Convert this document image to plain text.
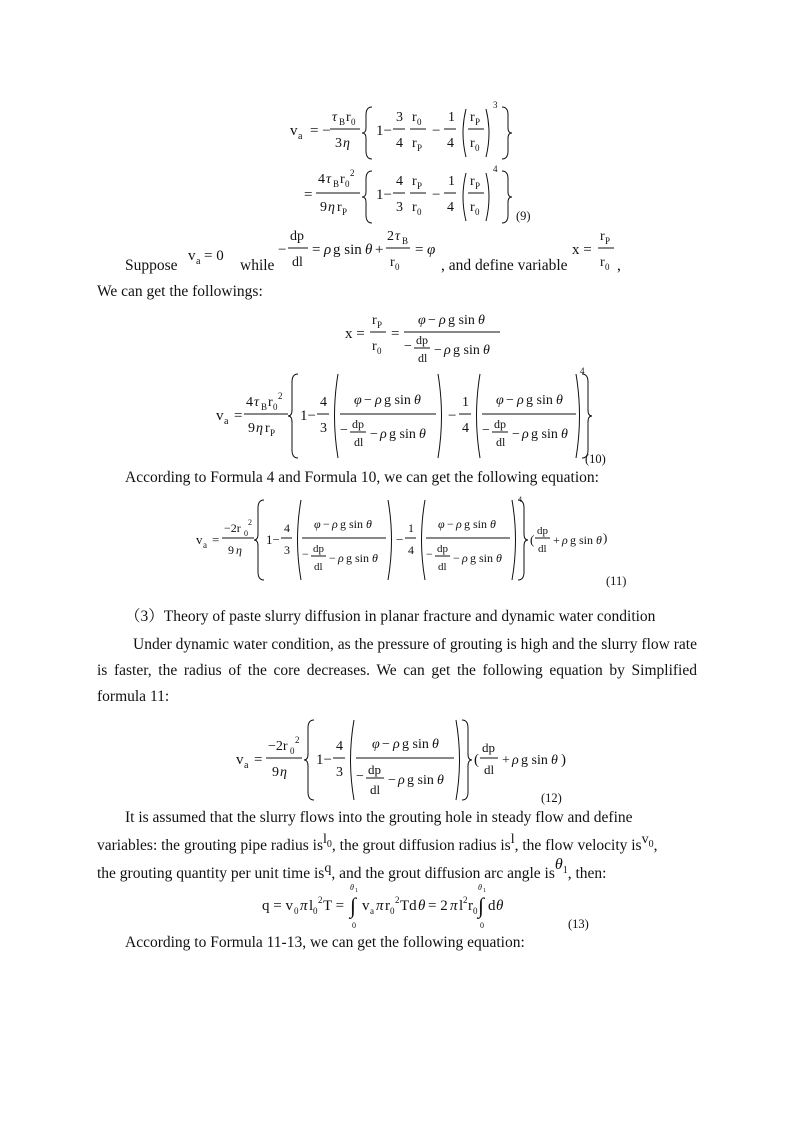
v a = −
τ B r 0
3 η
1−
3
4
r 0
r P
−
1
4
r P
r 0
3
=
4 τ B r 0
2
9 η r P
1−
4
3
r P
r 0
−
1
4
r P
r 0
4
(9)
Suppose
v a = 0
while
−
dp
dl
= ρ g sin θ +
2 τ B
r 0
= φ
, and define variable
x =
r P
r 0 ,
We can get the followings:
x =
r P
r 0
=
φ − ρ g sin θ
− dp
dl − ρ g sin θ
v a =
4 τ B r 0
2
9 η r P
1−
4
3
φ − ρ g sin θ
− dp
dl − ρ g sin θ
−
1
4
φ − ρ g sin θ
− dp
dl − ρ g sin θ
4
(10)
According to Formula 4 and Formula 10, we can get the following equation:
v a =
−2r 0
2
9 η
1−
4
3
φ − ρ g sin θ
− dp
dl
− ρ g sin θ
−
1
4
φ − ρ g sin θ
− dp
dl
− ρ g sin θ
4
(
dp
dl
+ ρ g sin θ )
(11)
（3）Theory of paste slurry diffusion in planar fracture and dynamic water condition
Under dynamic water condition, as the pressure of grouting is high and the slurry flow rate is faster, the radius of the core decreases. We can get the following equation by Simplified formula 11:
v a =
−2r 0
2
9 η
1−
4
3
φ − ρ g sin θ
− dp
dl
− ρ g sin θ
(
dp
dl
+ ρ g sin θ )
(12)
It is assumed that the slurry flows into the grouting hole in steady flow and define
variables: the grouting pipe radius isl$_0$, the grout diffusion radius isl, the flow velocity isv$_0$,
the grouting quantity per unit time isq, and the grout diffusion arc angle isθ$_1$, then:
q = v 0 π l 0
2 T = ∫
θ 1
0
v a π r 0
2 Td θ = 2 π l 2 r 0 ∫
θ 1
0
d θ
(13)
According to Formula 11-13, we can get the following equation:
